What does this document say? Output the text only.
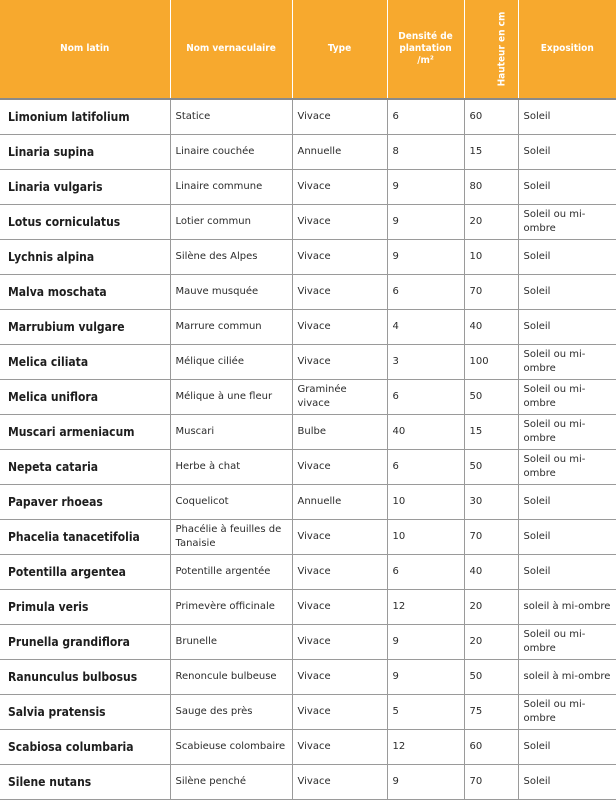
Nom latin	Nom vernaculaire	Type	Densité de plantation /m²	Hauteur en cm	Exposition
Limonium latifolium	Statice	Vivace	6	60	Soleil
Linaria supina	Linaire couchée	Annuelle	8	15	Soleil
Linaria vulgaris	Linaire commune	Vivace	9	80	Soleil
Lotus corniculatus	Lotier commun	Vivace	9	20	Soleil ou mi-ombre
Lychnis alpina	Silène des Alpes	Vivace	9	10	Soleil
Malva moschata	Mauve musquée	Vivace	6	70	Soleil
Marrubium vulgare	Marrure commun	Vivace	4	40	Soleil
Melica ciliata	Mélique ciliée	Vivace	3	100	Soleil ou mi-ombre
Melica uniflora	Mélique à une fleur	Graminée vivace	6	50	Soleil ou mi-ombre
Muscari armeniacum	Muscari	Bulbe	40	15	Soleil ou mi-ombre
Nepeta cataria	Herbe à chat	Vivace	6	50	Soleil ou mi-ombre
Papaver rhoeas	Coquelicot	Annuelle	10	30	Soleil
Phacelia tanacetifolia	Phacélie à feuilles de Tanaisie	Vivace	10	70	Soleil
Potentilla argentea	Potentille argentée	Vivace	6	40	Soleil
Primula veris	Primevère officinale	Vivace	12	20	soleil à mi-ombre
Prunella grandiflora	Brunelle	Vivace	9	20	Soleil ou mi-ombre
Ranunculus bulbosus	Renoncule bulbeuse	Vivace	9	50	soleil à mi-ombre
Salvia pratensis	Sauge des près	Vivace	5	75	Soleil ou mi-ombre
Scabiosa columbaria	Scabieuse colombaire	Vivace	12	60	Soleil
Silene nutans	Silène penché	Vivace	9	70	Soleil
